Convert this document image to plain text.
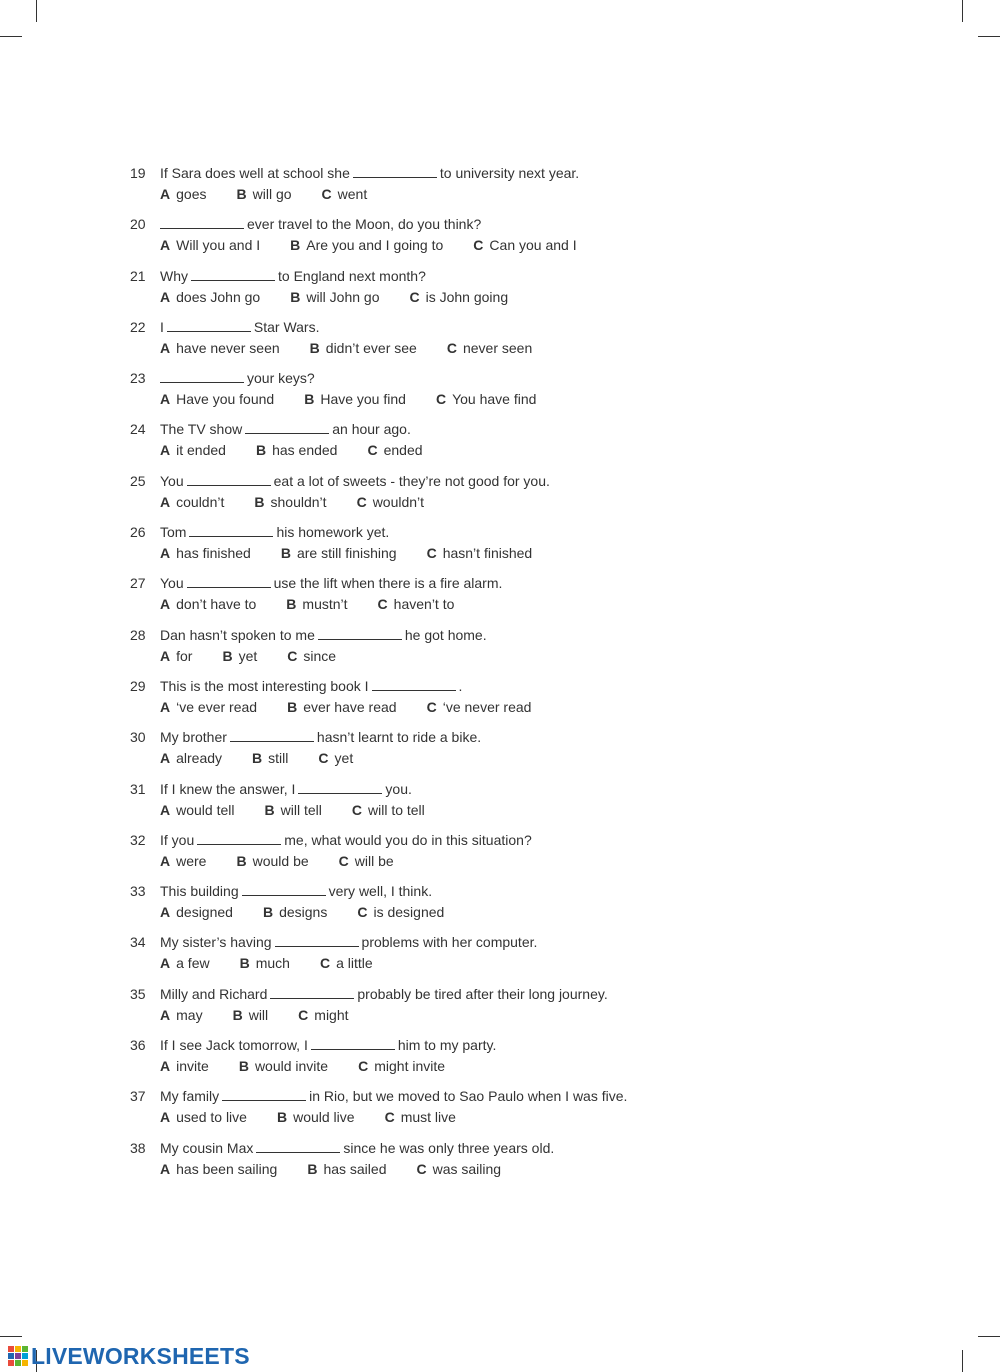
19 If Sara does well at school she	to university next year.
A goes B will go C went
20	ever travel to the Moon, do you think?
A Will you and I B Are you and I going to C Can you and I
21 Why	to England next month?
A does John go B will John go C is John going
22 I	Star Wars.
A have never seen B didn’t ever see C never seen
23	your keys?
A Have you found B Have you find C You have find
24 The TV show	an hour ago.
A it ended B has ended C ended
25 You	eat a lot of sweets - they’re not good for you.
A couldn’t B shouldn’t C wouldn’t
26 Tom	his homework yet.
A has finished B are still finishing C hasn’t finished
27 You	use the lift when there is a fire alarm.
A don’t have to B mustn’t C haven’t to
28 Dan hasn’t spoken to me	he got home.
A for B yet C since
29 This is the most interesting book I	.
A ‘ve ever read B ever have read C ‘ve never read
30 My brother	hasn’t learnt to ride a bike.
A already B still C yet
31 If I knew the answer, I	you.
A would tell B will tell C will to tell
32 If you	me, what would you do in this situation?
A were B would be C will be
33 This building	very well, I think.
A designed B designs C is designed
34 My sister’s having	problems with her computer.
A a few B much C a little
35 Milly and Richard	probably be tired after their long journey.
A may B will C might
36 If I see Jack tomorrow, I	him to my party.
A invite B would invite C might invite
37 My family	in Rio, but we moved to Sao Paulo when I was five.
A used to live B would live C must live
38 My cousin Max	since he was only three years old.
A has been sailing B has sailed C was sailing
LIVEWORKSHEETS
